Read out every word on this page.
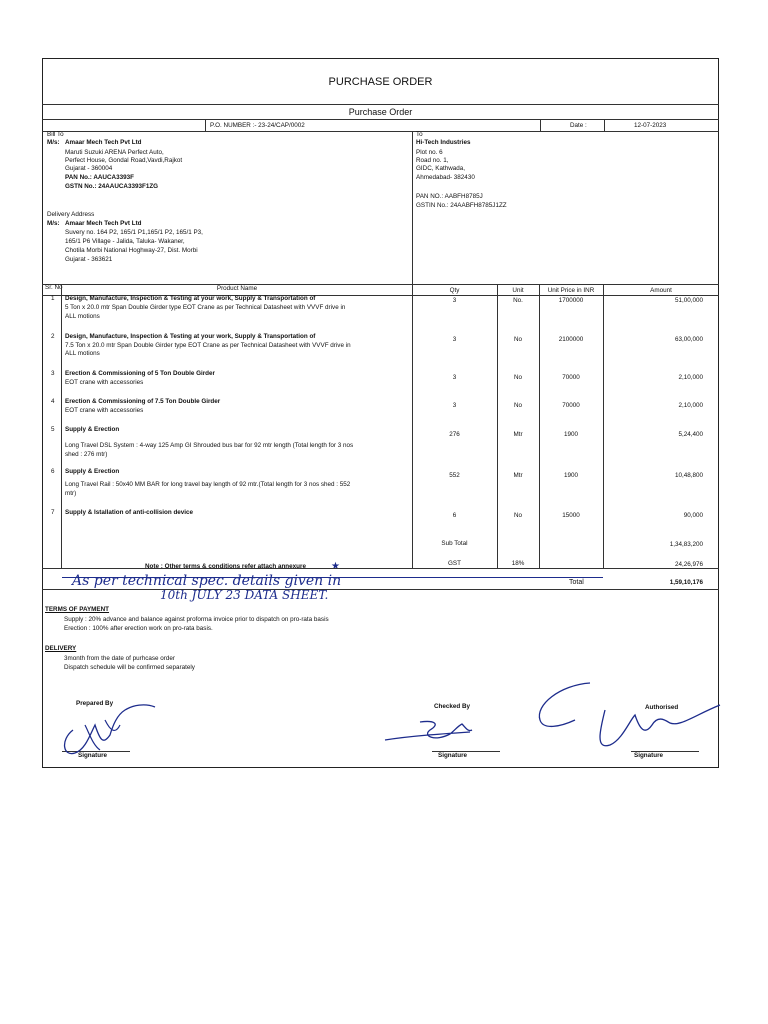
PURCHASE ORDER
Purchase Order
P.O. NUMBER :- 23-24/CAP/0002	Date :	12-07-2023
Bill To
M/s: Amaar Mech Tech Pvt Ltd
Maruti Suzuki ARENA Perfect Auto,
Perfect House, Gondal Road,Vavdi,Rajkot
Gujarat - 360004
PAN No.: AAUCA3393F
GSTN No.: 24AAUCA3393F1ZG
To
Hi-Tech Industries
Plot no. 6
Road no. 1,
GIDC, Kathwada,
Ahmedabad- 382430
PAN NO.: AABFH8785J
GSTIN No.: 24AABFH8785J1ZZ
Delivery Address
M/s: Amaar Mech Tech Pvt Ltd
Suvery no. 164 P2, 165/1 P1,165/1 P2, 165/1 P3,
165/1 P6 Village - Jalida, Taluka- Wakaner,
Chotila Morbi National Hoghway-27, Dist. Morbi
Gujarat - 363621
Sr. No	Product Name	Qty	Unit	Unit Price in INR	Amount
1 Design, Manufacture, Inspection & Testing at your work, Supply & Transportation of
5 Ton x 20.0 mtr Span Double Girder type EOT Crane as per Technical Datasheet with VVVF drive in
ALL motions
3	No.	1700000	51,00,000
2 Design, Manufacture, Inspection & Testing at your work, Supply & Transportation of
7.5 Ton x 20.0 mtr Span Double Girder type EOT Crane as per Technical Datasheet with VVVF drive in
ALL motions
3	No	2100000	63,00,000
3 Erection & Commissioning of 5 Ton Double Girder
EOT crane with accessories
3	No	70000	2,10,000
4 Erection & Commissioning of 7.5 Ton Double Girder
EOT crane with accessories
3	No	70000	2,10,000
5 Supply & Erection
Long Travel DSL System : 4-way 125 Amp GI Shrouded bus bar for 92 mtr length (Total length for 3 nos
shed : 276 mtr)
276	Mtr	1900	5,24,400
6 Supply & Erection
Long Travel Rail : 50x40 MM BAR for long travel bay length of 92 mtr.(Total length for 3 nos shed : 552
mtr)
552	Mtr	1900	10,48,800
7 Supply & Istallation of anti-collision device	6	No	15000	90,000
Sub Total	1,34,83,200
GST	18%	24,26,976
Note : Other terms & conditions refer attach annexure	★
Total	1,59,10,176
As per technical spec. details given in
10th JULY 23 DATA SHEET.
TERMS OF PAYMENT
Supply : 20% advance and balance against proforma invoice prior to dispatch on pro-rata basis
Erection : 100% after erection work on pro-rata basis.
DELIVERY
3month from the date of purhcase order
Dispatch schedule will be confirmed separately
Prepared By	Checked By	Authorised
Signature	Signature	Signature
